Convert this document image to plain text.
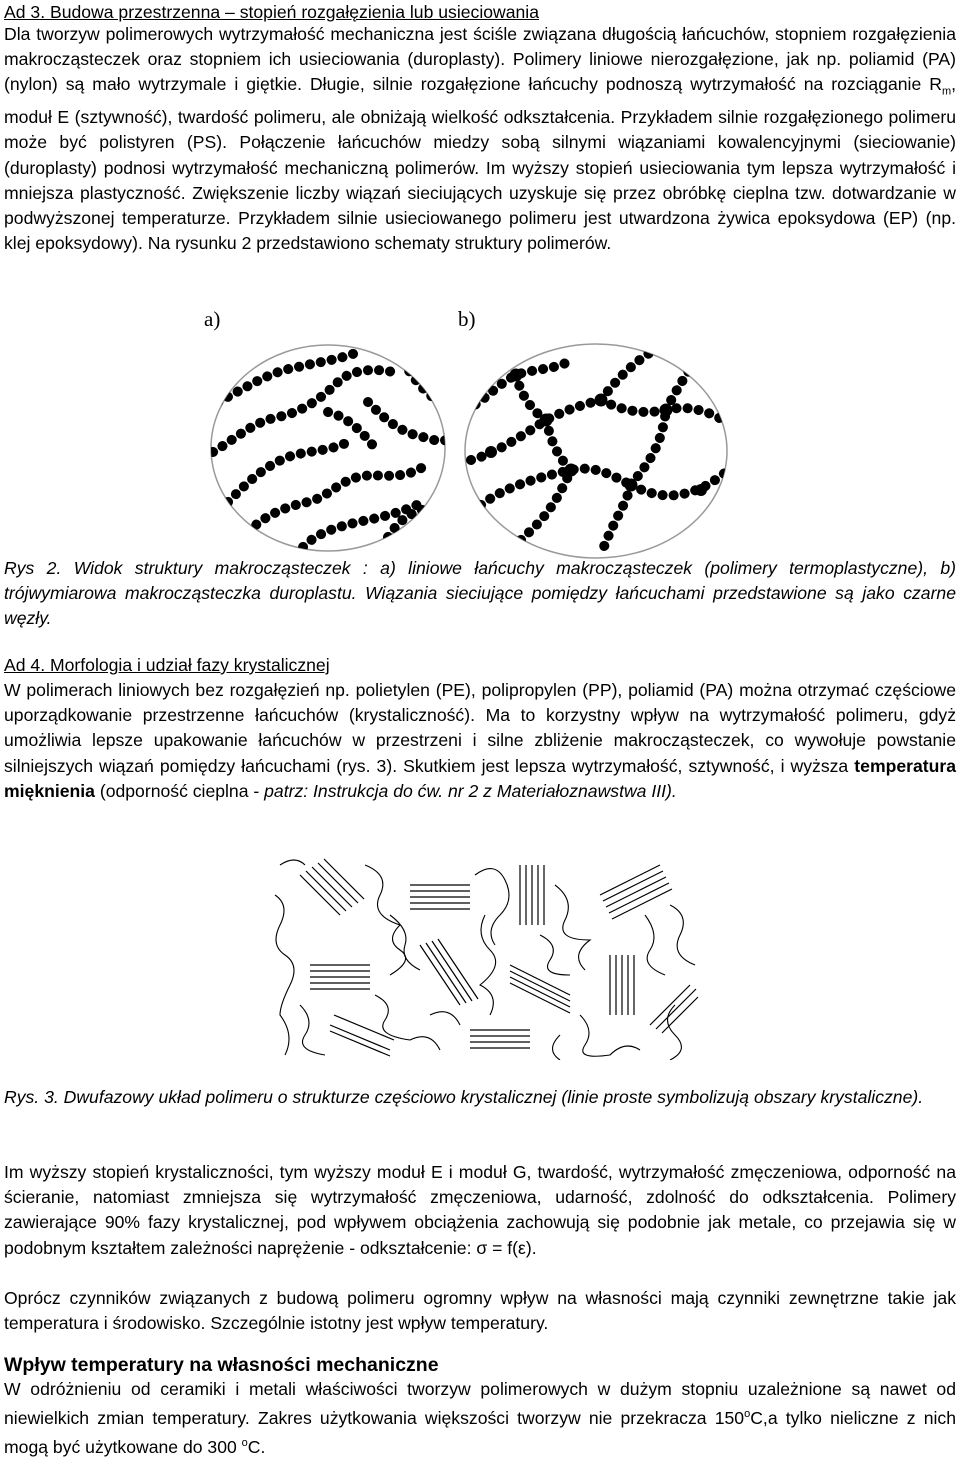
Ad 3. Budowa przestrzenna – stopień rozgałęzienia lub usieciowania

Dla tworzyw polimerowych wytrzymałość mechaniczna jest ściśle związana długością łańcuchów, stopniem rozgałęzienia makrocząsteczek oraz stopniem ich usieciowania (duroplasty). Polimery liniowe nierozgałęzione, jak np. poliamid (PA) (nylon) są mało wytrzymale i giętkie. Długie, silnie rozgałęzione łańcuchy podnoszą wytrzymałość na rozciąganie $R_m$, moduł E (sztywność), twardość polimeru, ale obniżają wielkość odkształcenia. Przykładem silnie rozgałęzionego polimeru może być polistyren (PS). Połączenie łańcuchów miedzy sobą silnymi wiązaniami kowalencyjnymi (sieciowanie) (duroplasty) podnosi wytrzymałość mechaniczną polimerów. Im wyższy stopień usieciowania tym lepsza wytrzymałość i mniejsza plastyczność. Zwiększenie liczby wiązań sieciujących uzyskuje się przez obróbkę cieplna tzw. dotwardzanie w podwyższonej temperaturze. Przykładem silnie usieciowanego polimeru jest utwardzona żywica epoksydowa (EP) (np. klej epoksydowy). Na rysunku 2 przedstawiono schematy struktury polimerów.

a)	b)

Rys 2. Widok struktury makrocząsteczek : a) liniowe łańcuchy makrocząsteczek (polimery termoplastyczne), b) trójwymiarowa makrocząsteczka duroplastu. Wiązania sieciujące pomiędzy łańcuchami przedstawione są jako czarne węzły.

Ad 4. Morfologia i udział fazy krystalicznej

W polimerach liniowych bez rozgałęzień np. polietylen (PE), polipropylen (PP), poliamid (PA) można otrzymać częściowe uporządkowanie przestrzenne łańcuchów (krystaliczność). Ma to korzystny wpływ na wytrzymałość polimeru, gdyż umożliwia lepsze upakowanie łańcuchów w przestrzeni i silne zbliżenie makrocząsteczek, co wywołuje powstanie silniejszych wiązań pomiędzy łańcuchami (rys. 3). Skutkiem jest lepsza wytrzymałość, sztywność, i wyższa temperatura mięknienia (odporność cieplna - patrz: Instrukcja do ćw. nr 2 z Materiałoznawstwa III).

Rys. 3. Dwufazowy układ polimeru o strukturze częściowo krystalicznej (linie proste symbolizują obszary krystaliczne).

Im wyższy stopień krystaliczności, tym wyższy moduł E i moduł G, twardość, wytrzymałość zmęczeniowa, odporność na ścieranie, natomiast zmniejsza się wytrzymałość zmęczeniowa, udarność, zdolność do odkształcenia. Polimery zawierające 90% fazy krystalicznej, pod wpływem obciążenia zachowują się podobnie jak metale, co przejawia się w podobnym kształtem zależności naprężenie - odkształcenie: σ = f(ε).

Oprócz czynników związanych z budową polimeru ogromny wpływ na własności mają czynniki zewnętrzne takie jak temperatura i środowisko. Szczególnie istotny jest wpływ temperatury.

Wpływ temperatury na własności mechaniczne

W odróżnieniu od ceramiki i metali właściwości tworzyw polimerowych w dużym stopniu uzależnione są nawet od niewielkich zmian temperatury. Zakres użytkowania większości tworzyw nie przekracza 150$^o$C,a tylko nieliczne z nich mogą być użytkowane do 300 $^o$C.
